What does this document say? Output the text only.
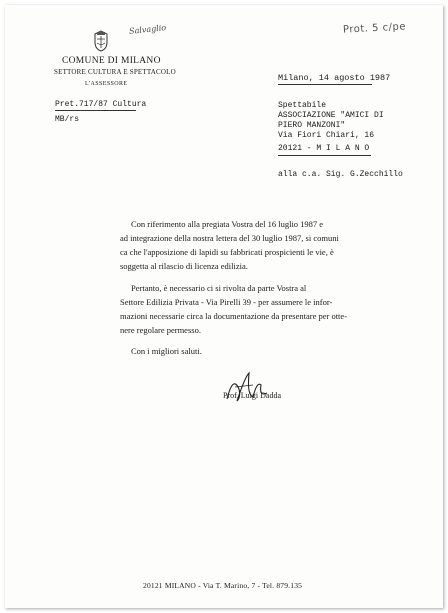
Salvaglio	Prot. 5 c/pe
COMUNE DI MILANO
SETTORE CULTURA E SPETTACOLO
L'ASSESSORE
Milano, 14 agosto 1987
Pret.717/87 Cultura
MB/rs
Spettabile
ASSOCIAZIONE "AMICI DI
PIERO MANZONI"
Via Fiori Chiari, 16
20121 - M I L A N O
alla c.a. Sig. G.Zecchillo
Con riferimento alla pregiata Vostra del 16 luglio 1987 e
ad integrazione della nostra lettera del 30 luglio 1987, si comuni
ca che l'apposizione di lapidi su fabbricati prospicienti le vie, è
soggetta al rilascio di licenza edilizia.
Pertanto, è necessario ci si rivolta da parte Vostra al
Settore Edilizia Privata - Via Pirelli 39 - per assumere le infor-
mazioni necessarie circa la documentazione da presentare per otte-
nere regolare permesso.
Con i migliori saluti.
Prof. Luigi Dadda
20121 MILANO - Via T. Marino, 7 - Tel. 879.135
